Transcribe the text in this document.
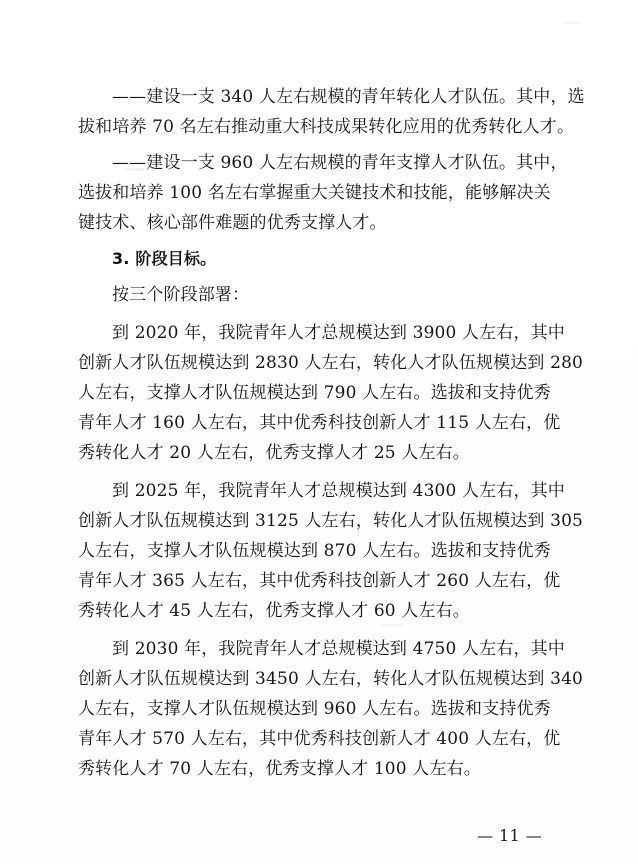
——建设一支 340 人左右规模的青年转化人才队伍。其中，选
拔和培养 70 名左右推动重大科技成果转化应用的优秀转化人才。
——建设一支 960 人左右规模的青年支撑人才队伍。其中，
选拔和培养 100 名左右掌握重大关键技术和技能，能够解决关
键技术、核心部件难题的优秀支撑人才。
3. 阶段目标。
按三个阶段部署：
到 2020 年，我院青年人才总规模达到 3900 人左右，其中
创新人才队伍规模达到 2830 人左右，转化人才队伍规模达到 280
人左右，支撑人才队伍规模达到 790 人左右。选拔和支持优秀
青年人才 160 人左右，其中优秀科技创新人才 115 人左右，优
秀转化人才 20 人左右，优秀支撑人才 25 人左右。
到 2025 年，我院青年人才总规模达到 4300 人左右，其中
创新人才队伍规模达到 3125 人左右，转化人才队伍规模达到 305
人左右，支撑人才队伍规模达到 870 人左右。选拔和支持优秀
青年人才 365 人左右，其中优秀科技创新人才 260 人左右，优
秀转化人才 45 人左右，优秀支撑人才 60 人左右。
到 2030 年，我院青年人才总规模达到 4750 人左右，其中
创新人才队伍规模达到 3450 人左右，转化人才队伍规模达到 340
人左右，支撑人才队伍规模达到 960 人左右。选拔和支持优秀
青年人才 570 人左右，其中优秀科技创新人才 400 人左右，优
秀转化人才 70 人左右，优秀支撑人才 100 人左右。
— 11 —
